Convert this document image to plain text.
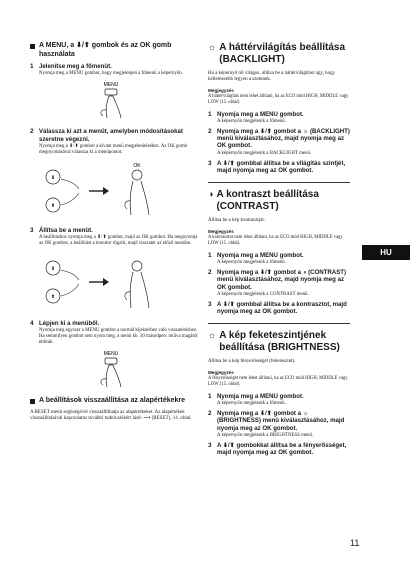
A MENU, a ⬇/⬆ gombok és az OK gomb használata
1 Jelenítse meg a főmenüt.
Nyomja meg a MENU gombot, hogy megjelenjen a főmenü a képernyőn.
MENU
2 Válassza ki azt a menüt, amelyben módosításokat szeretne végezni.
Nyomja meg a ⬇/⬆ gombot a kívánt menü megjelenítéséhez. Az OK gomb megnyomásával válassza ki a menüpontot.
⬇
⬆
OK
3 Állítsa be a menüt.
A beállításhoz nyomja meg a ⬇/⬆ gombot, majd az OK gombot. Ha megnyomja az OK gombot, a beállítást a monitor rögzíti, majd visszatér az előző menübe.
⬇
⬆
4 Lépjen ki a menüből.
Nyomja meg egyszer a MENU gombot a normál kijelzéshez való visszatéréshez. Ha semmilyen gombot sem nyom meg, a menü kb. 30 másodperc múlva magától eltűnik.
MENU
A beállítások visszaállítása az alapértékekre
A RESET menü segítségével visszaállíthatja az alapértékeket. Az alapértékek visszaállításával kapcsolatos további tudnivalókért lásd: ⟶ (RESET), 14. oldal.
☼ A háttérvilágítás beállítása (BACKLIGHT)
Ha a képernyő túl világos, állítsa be a háttérvilágítást úgy, hogy kellemesebb legyen a szemnek.
Megjegyzés
A háttérvilágítás nem lehet állítani, ha az ECO mód HIGH, MIDDLE vagy LOW (15. oldal).
1 Nyomja meg a MENU gombot.
A képernyőn megjelenik a főmenü.
2 Nyomja meg a ⬇/⬆ gombot a ☼ (BACKLIGHT) menü kiválasztásához, majd nyomja meg az OK gombot.
A képernyőn megjelenik a BACKLIGHT menü.
3 A ⬇/⬆ gombbal állítsa be a világítás szintjét, majd nyomja meg az OK gombot.
◑ A kontraszt beállítása (CONTRAST)
Állítsa be a kép kontrasztját.
Megjegyzés
A kontrasztot nem lehet állítani, ha az ECO mód HIGH, MIDDLE vagy LOW (15. oldal).
1 Nyomja meg a MENU gombot.
A képernyőn megjelenik a főmenü.
2 Nyomja meg a ⬇/⬆ gombot a ◑ (CONTRAST) menü kiválasztásához, majd nyomja meg az OK gombot.
A képernyőn megjelenik a CONTRAST menü.
3 A ⬇/⬆ gombbal állítsa be a kontrasztot, majd nyomja meg az OK gombot.
☼ A kép feketeszintjének beállítása (BRIGHTNESS)
Állítsa be a kép fényerősségét (feketeszint).
Megjegyzés
A fényerősséget nem lehet állítani, ha az ECO mód HIGH, MIDDLE vagy LOW (15. oldal).
1 Nyomja meg a MENU gombot.
A képernyőn megjelenik a főmenü.
2 Nyomja meg a ⬇/⬆ gombot a ☼ (BRIGHTNESS) menü kiválasztásához, majd nyomja meg az OK gombot.
A képernyőn megjelenik a BRIGHTNESS menü.
3 A ⬇/⬆ gombokkal állítsa be a fényerősséget, majd nyomja meg az OK gombot.
HU
11
